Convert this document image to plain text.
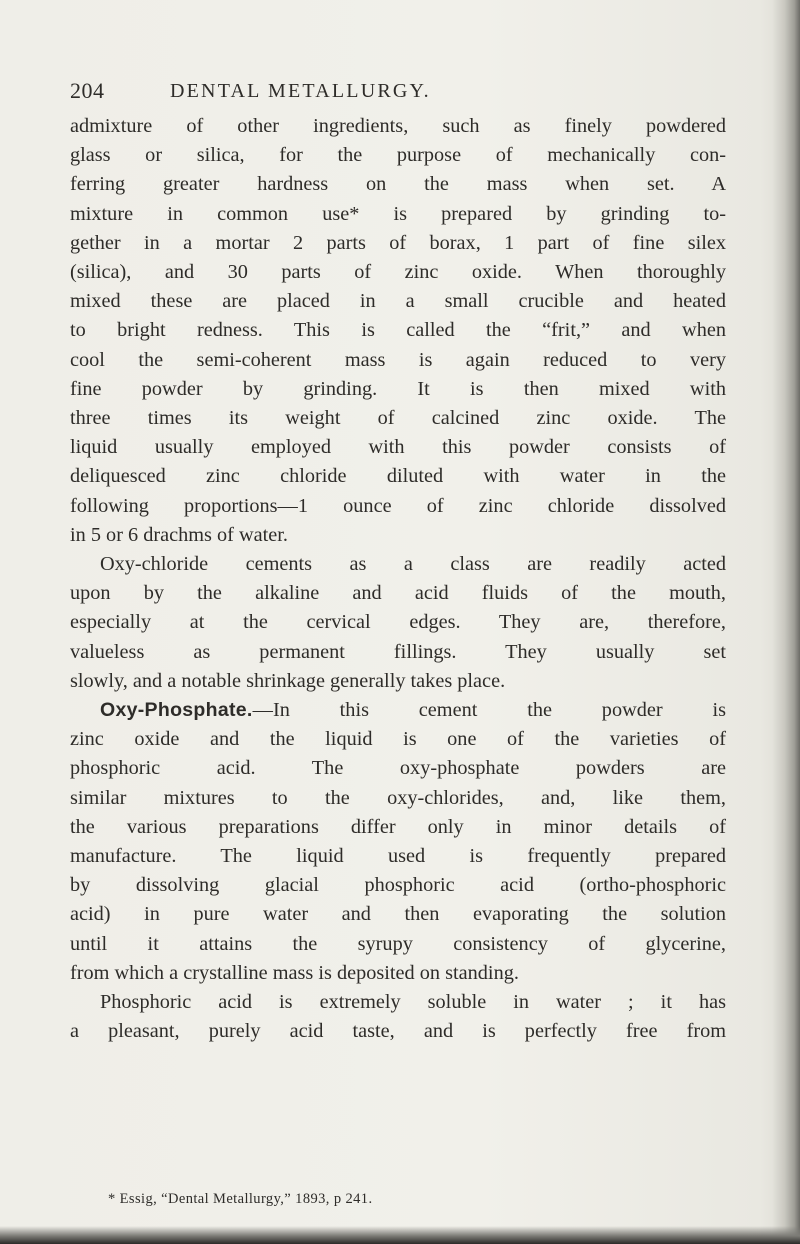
204	DENTAL METALLURGY.
admixture of other ingredients, such as finely powdered
glass or silica, for the purpose of mechanically con-
ferring greater hardness on the mass when set. A
mixture in common use* is prepared by grinding to-
gether in a mortar 2 parts of borax, 1 part of fine silex
(silica), and 30 parts of zinc oxide. When thoroughly
mixed these are placed in a small crucible and heated
to bright redness. This is called the “frit,” and when
cool the semi-coherent mass is again reduced to very
fine powder by grinding. It is then mixed with
three times its weight of calcined zinc oxide. The
liquid usually employed with this powder consists of
deliquesced zinc chloride diluted with water in the
following proportions—1 ounce of zinc chloride dissolved
in 5 or 6 drachms of water.
Oxy-chloride cements as a class are readily acted
upon by the alkaline and acid fluids of the mouth,
especially at the cervical edges. They are, therefore,
valueless as permanent fillings. They usually set
slowly, and a notable shrinkage generally takes place.
Oxy-Phosphate.—In this cement the powder is
zinc oxide and the liquid is one of the varieties of
phosphoric acid. The oxy-phosphate powders are
similar mixtures to the oxy-chlorides, and, like them,
the various preparations differ only in minor details of
manufacture. The liquid used is frequently prepared
by dissolving glacial phosphoric acid (ortho-phosphoric
acid) in pure water and then evaporating the solution
until it attains the syrupy consistency of glycerine,
from which a crystalline mass is deposited on standing.
Phosphoric acid is extremely soluble in water ; it has
a pleasant, purely acid taste, and is perfectly free from
* Essig, “Dental Metallurgy,” 1893, p 241.
